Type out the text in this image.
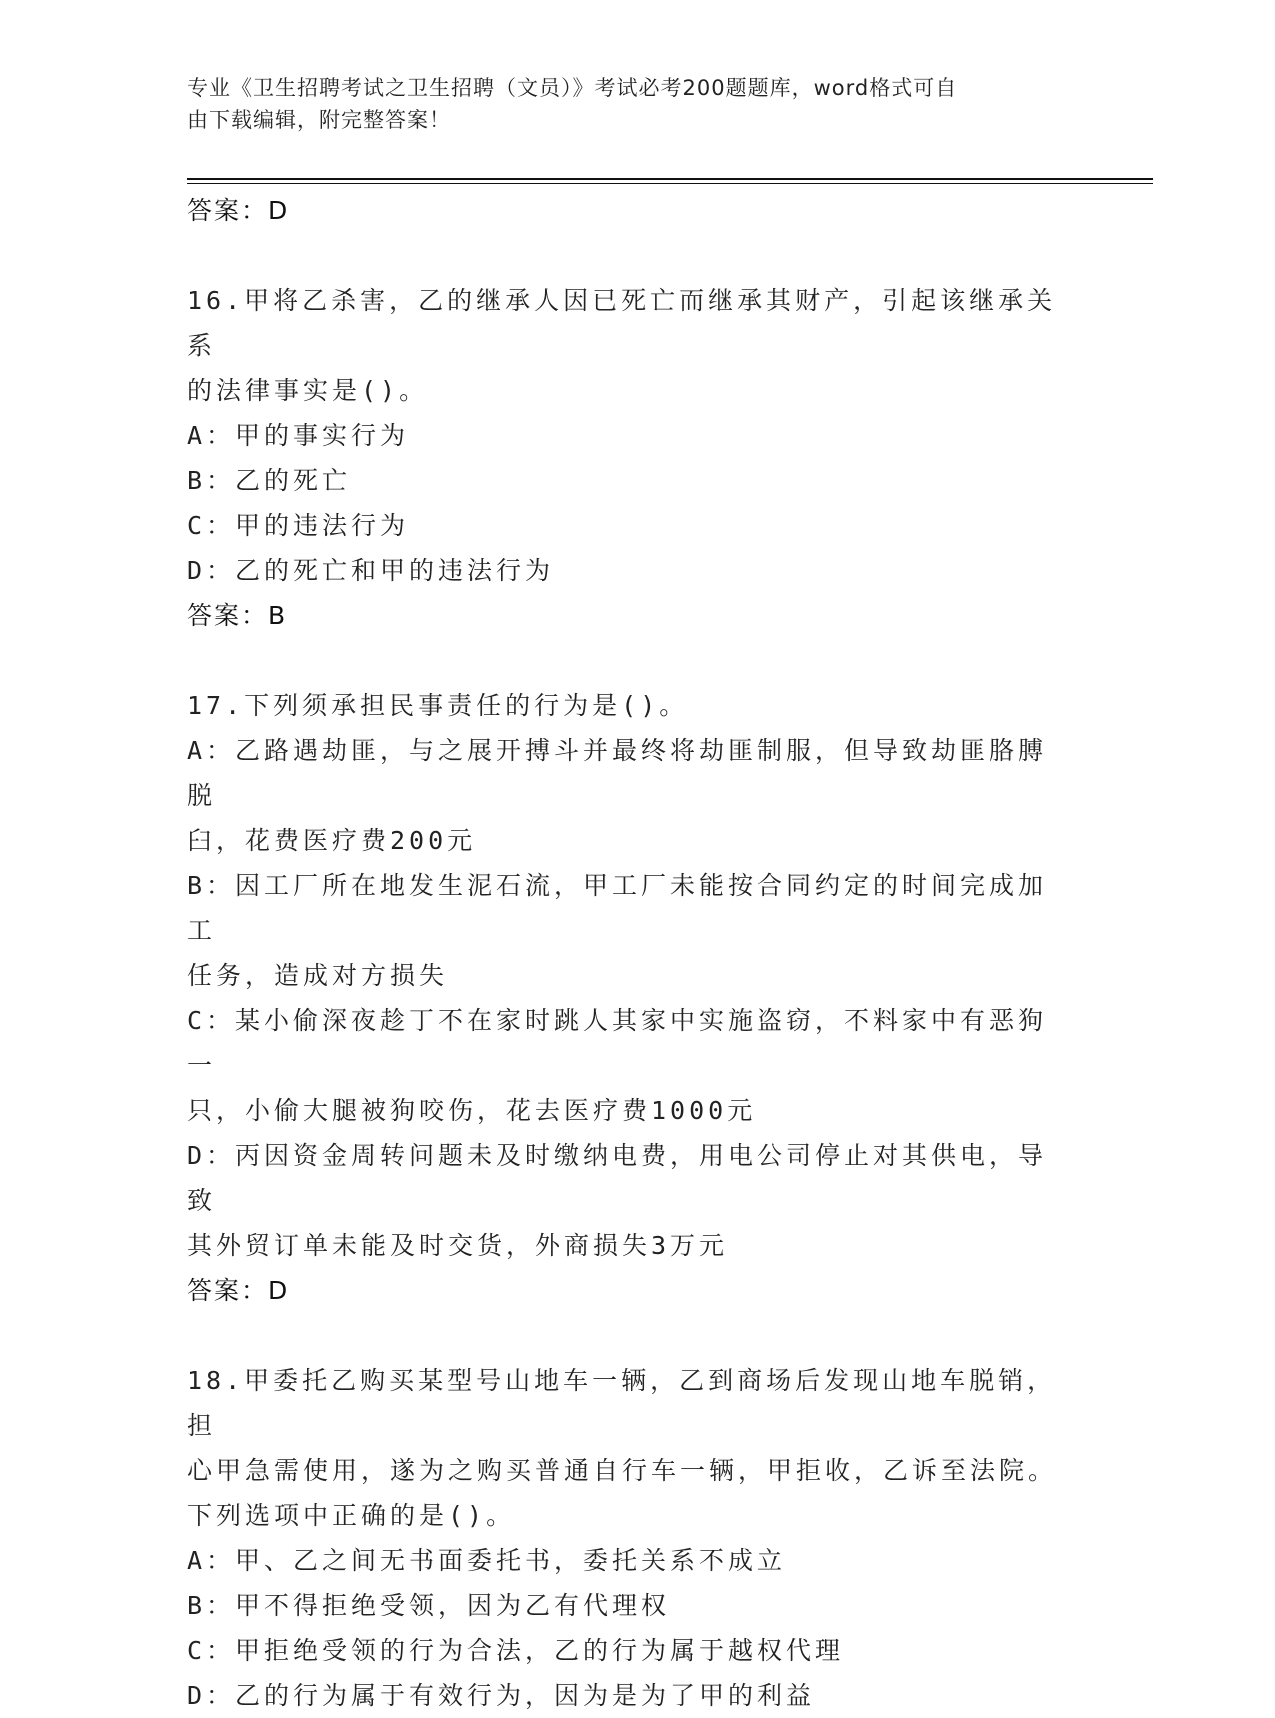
专业《卫生招聘考试之卫生招聘（文员）》考试必考200题题库，word格式可自
由下载编辑，附完整答案！

答案：D

16.甲将乙杀害，乙的继承人因已死亡而继承其财产，引起该继承关系

的法律事实是()。

A：甲的事实行为

B：乙的死亡

C：甲的违法行为

D：乙的死亡和甲的违法行为

答案：B

17.下列须承担民事责任的行为是()。

A：乙路遇劫匪，与之展开搏斗并最终将劫匪制服，但导致劫匪胳膊脱

臼，花费医疗费200元

B：因工厂所在地发生泥石流，甲工厂未能按合同约定的时间完成加工

任务，造成对方损失

C：某小偷深夜趁丁不在家时跳人其家中实施盗窃，不料家中有恶狗一

只，小偷大腿被狗咬伤，花去医疗费1000元

D：丙因资金周转问题未及时缴纳电费，用电公司停止对其供电，导致

其外贸订单未能及时交货，外商损失3万元

答案：D

18.甲委托乙购买某型号山地车一辆，乙到商场后发现山地车脱销，担

心甲急需使用，遂为之购买普通自行车一辆，甲拒收，乙诉至法院。

下列选项中正确的是()。

A：甲、乙之间无书面委托书，委托关系不成立

B：甲不得拒绝受领，因为乙有代理权

C：甲拒绝受领的行为合法，乙的行为属于越权代理

D：乙的行为属于有效行为，因为是为了甲的利益
